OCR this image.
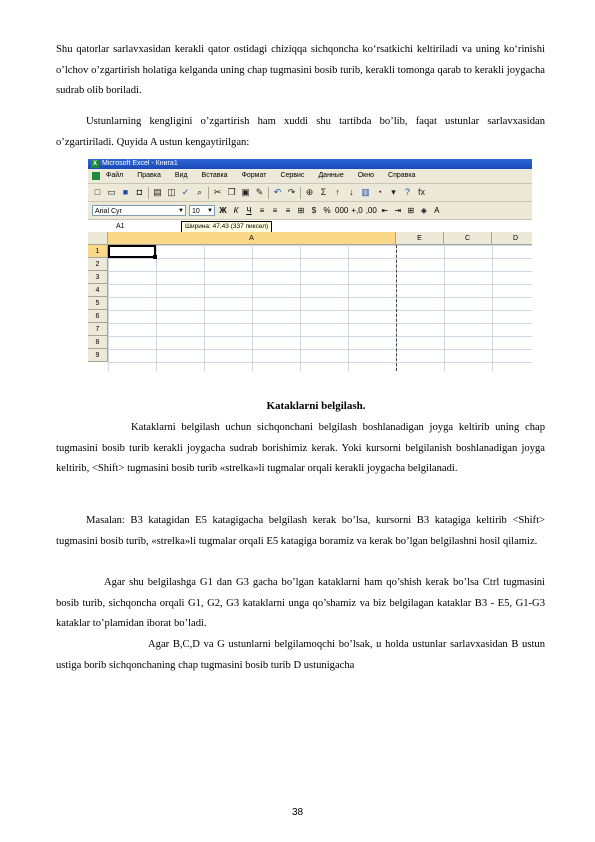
Shu qatorlar sarlavxasidan kerakli qator ostidagi chiziqqa sichqoncha ko‘rsatkichi keltiriladi va uning ko‘rinishi o’lchov o’zgartirish holatiga kelganda uning chap tugmasini bosib turib, kerakli tomonga qarab to kerakli joygacha sudrab olib boriladi.

Ustunlarning kengligini o’zgartirish ham xuddi shu tartibda bo’lib, faqat ustunlar sarlavxasidan o’zgartiriladi. Quyida A ustun kengaytirilgan:

X Microsoft Excel - Книга1
Файл Правка Вид Вставка Формат Сервис Данные Окно Справка
□ ▭ ■ ◘	▤ ◫ ✓ ⌕	✂ ❐ ▣ ✎ ↶ ↷ ⊕ Σ ↑	↓ ▥ ◔	▾	? fx
Arial Cyr	▼	10 ▼ Ж К Ч ≡	≡	≡ ⊞ $ % 000 +,0 ,00 ⇤ ⇥ ⊞ ◈ A
A1	Ширина: 47,43 (337 пиксел)
A	E	C	D
1
2
3
4
5
6
7
8
9

Kataklarni belgilash.

Kataklarni belgilash uchun sichqonchani belgilash boshlanadigan joyga keltirib uning chap tugmasini bosib turib kerakli joygacha sudrab borishimiz kerak. Yoki kursorni belgilanish boshlanadigan joyga keltirib, <Shift> tugmasini bosib turib «strelka»li tugmalar orqali kerakli joygacha belgilanadi.

Masalan: B3 katagidan E5 katagigacha belgilash kerak bo’lsa, kursorni B3 katagiga keltirib <Shift> tugmasini bosib turib, «strelka»li tugmalar orqali E5 katagiga boramiz va kerak bo’lgan belgilashni hosil qilamiz.

Agar shu belgilashga G1 dan G3 gacha bo’lgan kataklarni ham qo’shish kerak bo’lsa Ctrl tugmasini bosib turib, sichqoncha orqali G1, G2, G3 kataklarni unga qo’shamiz va biz belgilagan kataklar B3 - E5, G1-G3 kataklar to’plamidan iborat bo’ladi.

Agar B,C,D va G ustunlarni belgilamoqchi bo’lsak, u holda ustunlar sarlavxasidan B ustun ustiga borib sichqonchaning chap tugmasini bosib turib D ustunigacha

38
